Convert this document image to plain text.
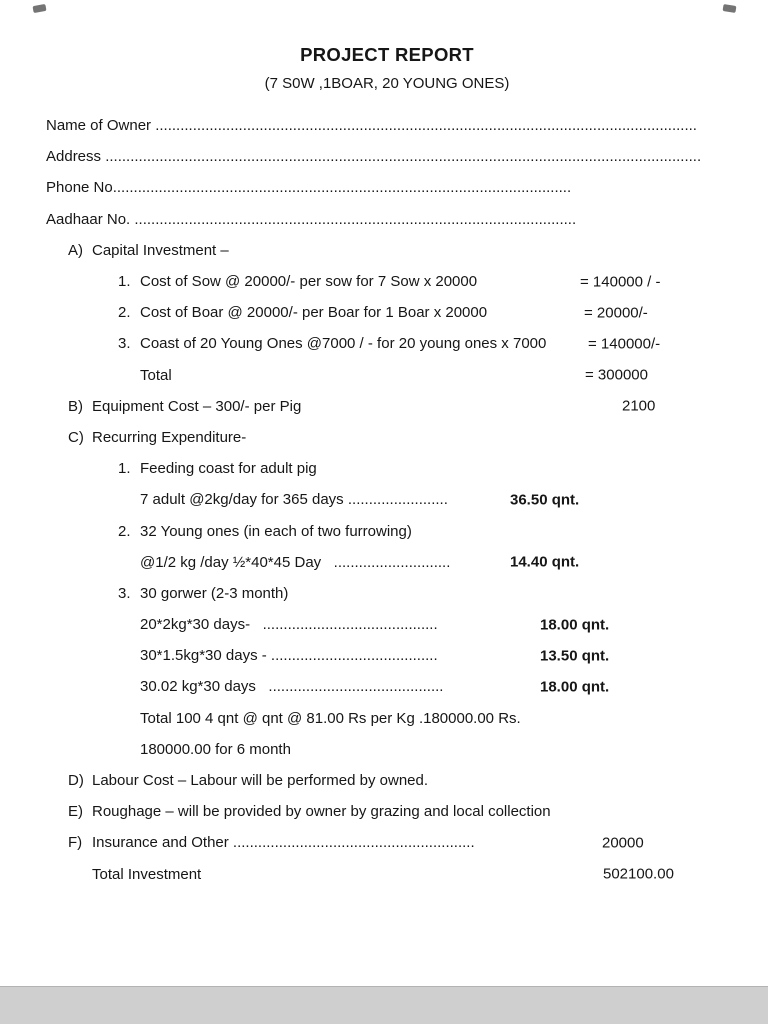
PROJECT REPORT
(7 S0W ,1BOAR, 20 YOUNG ONES)
Name of Owner ..................................................................................................................................
Address ...............................................................................................................................................
Phone No..............................................................................................................
Aadhaar No. ..........................................................................................................
A) Capital Investment –
1. Cost of Sow @ 20000/- per sow for 7 Sow x 20000	= 140000 / -
2. Cost of Boar @ 20000/- per Boar for 1 Boar x 20000	= 20000/-
3. Coast of 20 Young Ones @7000 / - for 20 young ones x 7000	= 140000/-
Total	= 300000
B) Equipment Cost – 300/- per Pig	2100
C) Recurring Expenditure-
1. Feeding coast for adult pig
7 adult @2kg/day for 365 days ........................	36.50 qnt.
2. 32 Young ones (in each of two furrowing)
@1/2 kg /day ½*40*45 Day   ............................	14.40 qnt.
3. 30 gorwer (2-3 month)
20*2kg*30 days-   ..........................................	18.00 qnt.
30*1.5kg*30 days - ........................................	13.50 qnt.
30.02 kg*30 days   ..........................................	18.00 qnt.
Total 100 4 qnt @ qnt @ 81.00 Rs per Kg .180000.00 Rs.
180000.00 for 6 month
D) Labour Cost – Labour will be performed by owned.
E) Roughage – will be provided by owner by grazing and local collection
F) Insurance and Other ..........................................................	20000
Total Investment	502100.00
